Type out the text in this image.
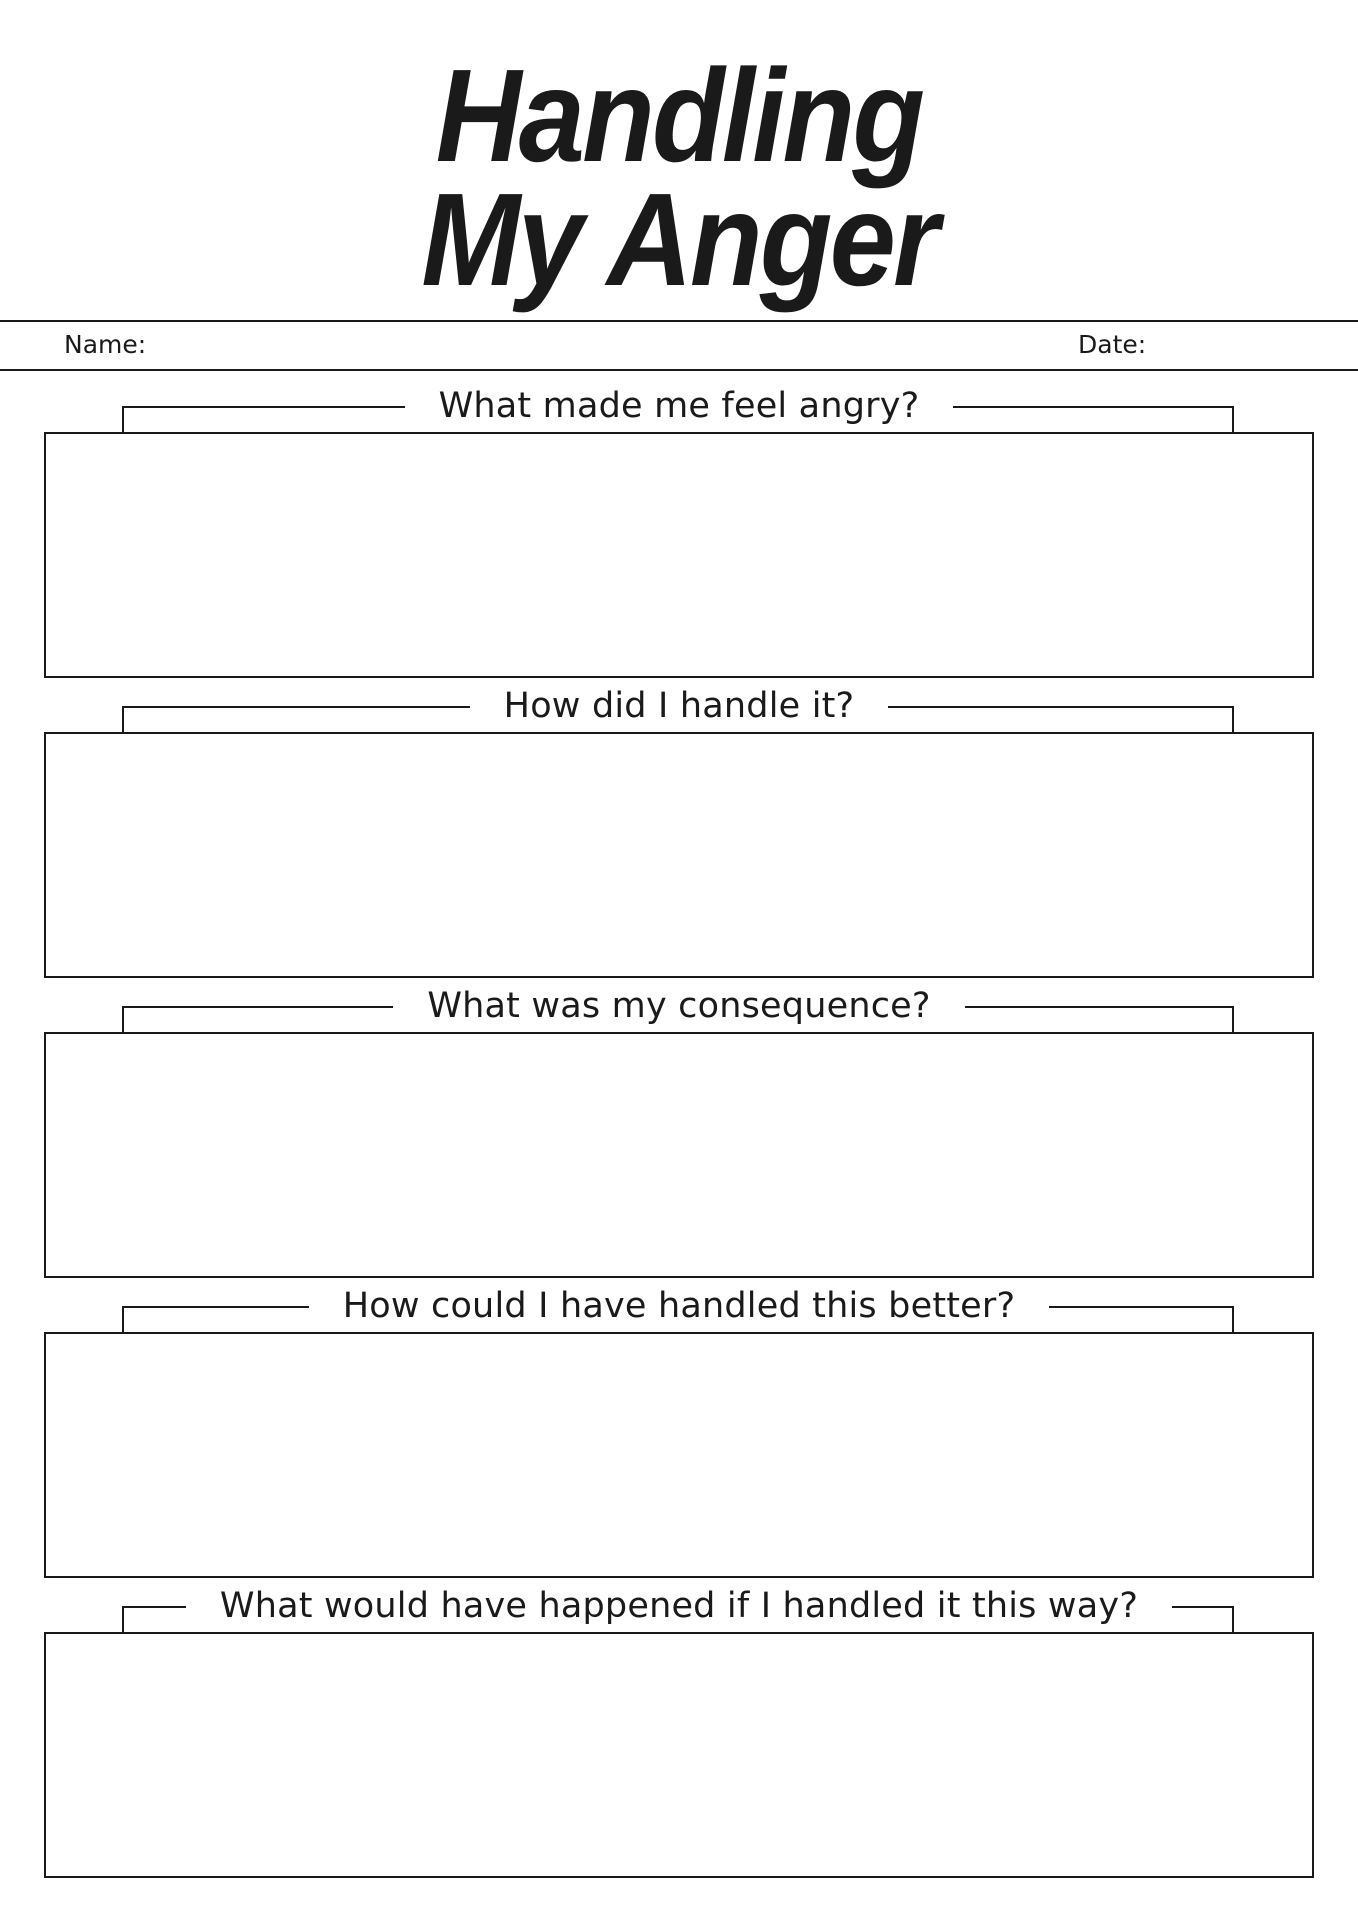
Handling
My Anger
Name:	Date:
What made me feel angry?
How did I handle it?
What was my consequence?
How could I have handled this better?
What would have happened if I handled it this way?
